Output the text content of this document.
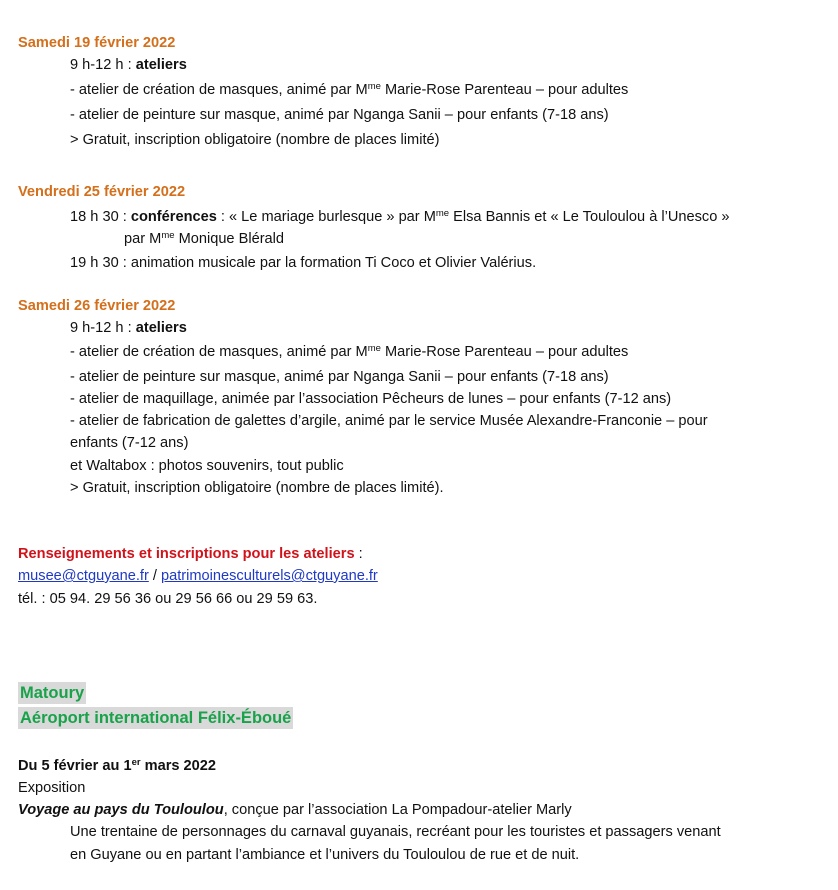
Samedi 19 février 2022
9 h-12 h : ateliers
- atelier de création de masques, animé par $M^{me}$ Marie-Rose Parenteau – pour adultes
- atelier de peinture sur masque, animé par Nganga Sanii – pour enfants (7-18 ans)
> Gratuit, inscription obligatoire (nombre de places limité)
Vendredi 25 février 2022
18 h 30 : conférences : « Le mariage burlesque » par $M^{me}$ Elsa Bannis et « Le Touloulou à l’Unesco »
par $M^{me}$ Monique Blérald
19 h 30 : animation musicale par la formation Ti Coco et Olivier Valérius.
Samedi 26 février 2022
9 h-12 h : ateliers
- atelier de création de masques, animé par $M^{me}$ Marie-Rose Parenteau – pour adultes
- atelier de peinture sur masque, animé par Nganga Sanii – pour enfants (7-18 ans)
- atelier de maquillage, animée par l’association Pêcheurs de lunes – pour enfants (7-12 ans)
- atelier de fabrication de galettes d’argile, animé par le service Musée Alexandre-Franconie – pour
enfants (7-12 ans)
et Waltabox : photos souvenirs, tout public
> Gratuit, inscription obligatoire (nombre de places limité).
Renseignements et inscriptions pour les ateliers :
musee@ctguyane.fr / patrimoinesculturels@ctguyane.fr
tél. : 05 94. 29 56 36 ou 29 56 66 ou 29 59 63.
Matoury
Aéroport international Félix-Éboué
Du 5 février au 1er mars 2022
Exposition
Voyage au pays du Touloulou, conçue par l’association La Pompadour-atelier Marly
Une trentaine de personnages du carnaval guyanais, recréant pour les touristes et passagers venant
en Guyane ou en partant l’ambiance et l’univers du Touloulou de rue et de nuit.
